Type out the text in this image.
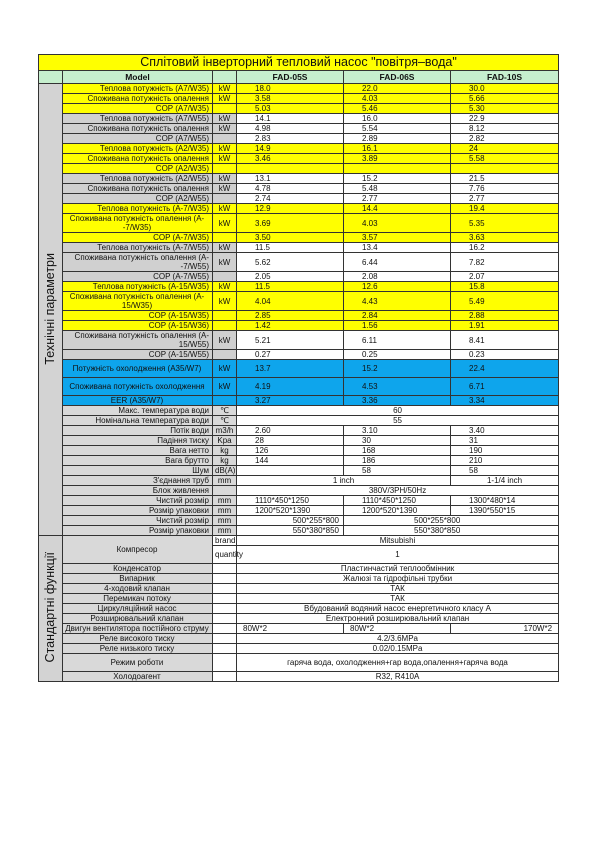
Сплітовий інверторний тепловий насос "повітря–вода"					
	Model		FAD-05S	FAD-06S	FAD-10S
Технічні параметри	Теплова потужність (A7/W35)	kW	18.0	22.0	30.0
	Споживана потужність опалення	kW	3.58	4.03	5.66
	COP (A7/W35)		5.03	5.46	5.30
	Теплова потужність (A7/W55)	kW	14.1	16.0	22.9
	Споживана потужність опалення	kW	4.98	5.54	8.12
	COP (A7/W55)		2.83	2.89	2.82
	Теплова потужність (A2/W35)	kW	14.9	16.1	24
	Споживана потужність опалення	kW	3.46	3.89	5.58
	COP (A2/W35)				
	Теплова потужність (A2/W55)	kW	13.1	15.2	21.5
	Споживана потужність опалення	kW	4.78	5.48	7.76
	COP (A2/W55)		2.74	2.77	2.77
	Теплова потужність (A-7/W35)	kW	12.9	14.4	19.4
	Споживана потужність опалення (A--7/W35)	kW	3.69	4.03	5.35
	COP (A-7/W35)		3.50	3.57	3.63
	Теплова потужність (A-7/W55)	kW	11.5	13.4	16.2
	Споживана потужність опалення (A--7/W55)	kW	5.62	6.44	7.82
	COP (A-7/W55)		2.05	2.08	2.07
	Теплова потужність (A-15/W35)	kW	11.5	12.6	15.8
	Споживана потужність опалення (A-15/W35)	kW	4.04	4.43	5.49
	COP (A-15/W35)		2.85	2.84	2.88
	COP (A-15/W36)		1.42	1.56	1.91
	Споживана потужність опалення (A-15/W55)	kW	5.21	6.11	8.41
	COP (A-15/W55)		0.27	0.25	0.23
	Потужність охолодження (A35/W7)	kW	13.7	15.2	22.4
	Споживана потужність охолодження	kW	4.19	4.53	6.71
	EER (A35/W7)		3.27	3.36	3.34
	Макс. температура води	℃	60		
	Номінальна температура води	℃	55		
	Потік води	m3/h	2.60	3.10	3.40
	Падіння тиску	Kpa	28	30	31
	Вага нетто	kg	126	168	190
	Вага брутто	kg	144	186	210
	Шум	dB(A)		58	58
	З'єднання труб	mm	1 inch		1-1/4 inch
	Блок живлення		380V/3PH/50Hz		
	Чистий розмір	mm	1110*450*1250	1110*450*1250	1300*480*14
	Розмір упаковки	mm	1200*520*1390	1200*520*1390	1390*550*15
	Чистий розмір	mm	500*255*800	500*255*800	
	Розмір упаковки	mm	550*380*850	550*380*850	
Стандартні функції	Компресор	brand	Mitsubishi		
		quantity	1		
	Конденсатор		Пластинчастий теплообмінник		
	Випарник		Жалюзі та гідрофільні трубки		
	4-ходовий клапан		ТАК		
	Перемикач потоку		ТАК		
	Циркуляційний насос		Вбудований водяний насос енергетичного класу А		
	Розширювальний клапан		Електронний розширювальний клапан		
	Двигун вентилятора постійного струму		80W*2	80W*2	170W*2
	Реле високого тиску		4.2/3.6MPa		
	Реле низького тиску		0.02/0.15MPa		
	Режим роботи		гаряча вода, охолодження+гар вода,опалення+гаряча вода		
	Холодоагент		R32, R410A		
